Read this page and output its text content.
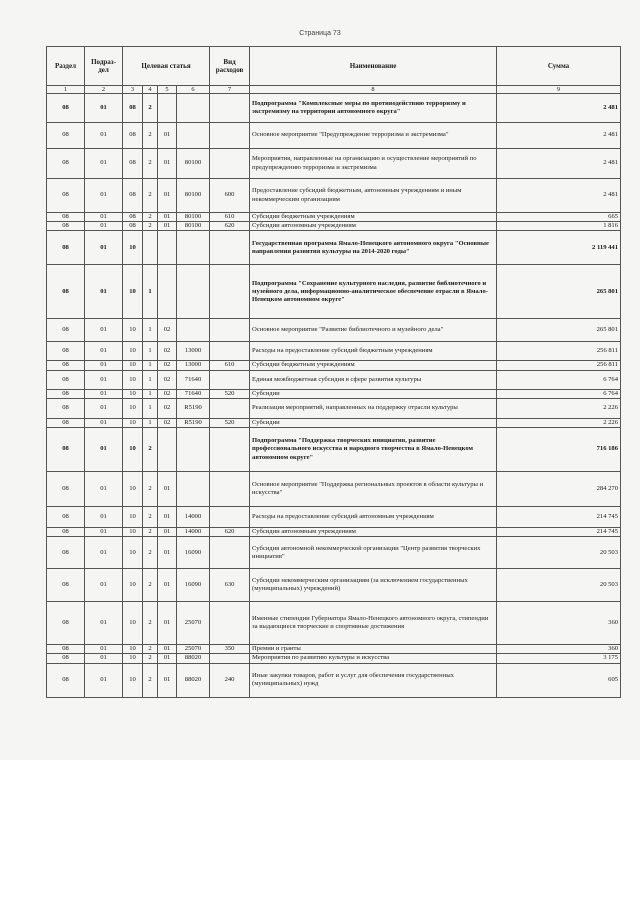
Страница 73
Раздел	Подраз-дел	Целевая статья				Вид расходов	Наименование	Сумма
1	2	3	4	5	6	7	8	9
08	01	08	2				Подпрограмма "Комплексные меры по противодействию терроризму и экстремизму на территории автономного округа"	2 481
08	01	08	2	01			Основное мероприятие "Предупреждение терроризма и экстремизма"	2 481
08	01	08	2	01	80100		Мероприятия, направленные на организацию и осуществление мероприятий по предупреждению терроризма и экстремизма	2 481
08	01	08	2	01	80100	600	Предоставление субсидий бюджетным, автономным учреждениям и иным некоммерческим организациям	2 481
08	01	08	2	01	80100	610	Субсидии бюджетным учреждениям	665
08	01	08	2	01	80100	620	Субсидии автономным учреждениям	1 816
08	01	10					Государственная программа Ямало-Ненецкого автономного округа "Основные направления развития культуры на 2014-2020 годы"	2 119 441
08	01	10	1				Подпрограмма "Сохранение культурного наследия, развитие библиотечного и музейного дела, информационно-аналитическое обеспечение отрасли в Ямало-Ненецком автономном округе"	265 801
08	01	10	1	02			Основное мероприятие "Развитие библиотечного и музейного дела"	265 801
08	01	10	1	02	13000		Расходы на предоставление субсидий бюджетным учреждениям	256 811
08	01	10	1	02	13000	610	Субсидии бюджетным учреждениям	256 811
08	01	10	1	02	71640		Единая межбюджетная субсидия в сфере развития культуры	6 764
08	01	10	1	02	71640	520	Субсидии	6 764
08	01	10	1	02	R5190		Реализация мероприятий, направленных на поддержку отрасли культуры	2 226
08	01	10	1	02	R5190	520	Субсидии	2 226
08	01	10	2				Подпрограмма "Поддержка творческих инициатив, развитие профессионального искусства и народного творчества в Ямало-Ненецком автономном округе"	716 186
08	01	10	2	01			Основное мероприятие "Поддержка региональных проектов в области культуры и искусства"	284 270
08	01	10	2	01	14000		Расходы на предоставление субсидий автономным учреждениям	214 745
08	01	10	2	01	14000	620	Субсидии автономным учреждениям	214 745
08	01	10	2	01	16090		Субсидия автономной некоммерческой организации "Центр развития творческих инициатив"	20 503
08	01	10	2	01	16090	630	Субсидии некоммерческим организациям (за исключением государственных (муниципальных) учреждений)	20 503
08	01	10	2	01	25070		Именные стипендии Губернатора Ямало-Ненецкого автономного округа, стипендии за выдающиеся творческие и спортивные достижения	360
08	01	10	2	01	25070	350	Премии и гранты	360
08	01	10	2	01	88020		Мероприятия по развитию культуры и искусства	3 175
08	01	10	2	01	88020	240	Иные закупки товаров, работ и услуг для обеспечения государственных (муниципальных) нужд	605
